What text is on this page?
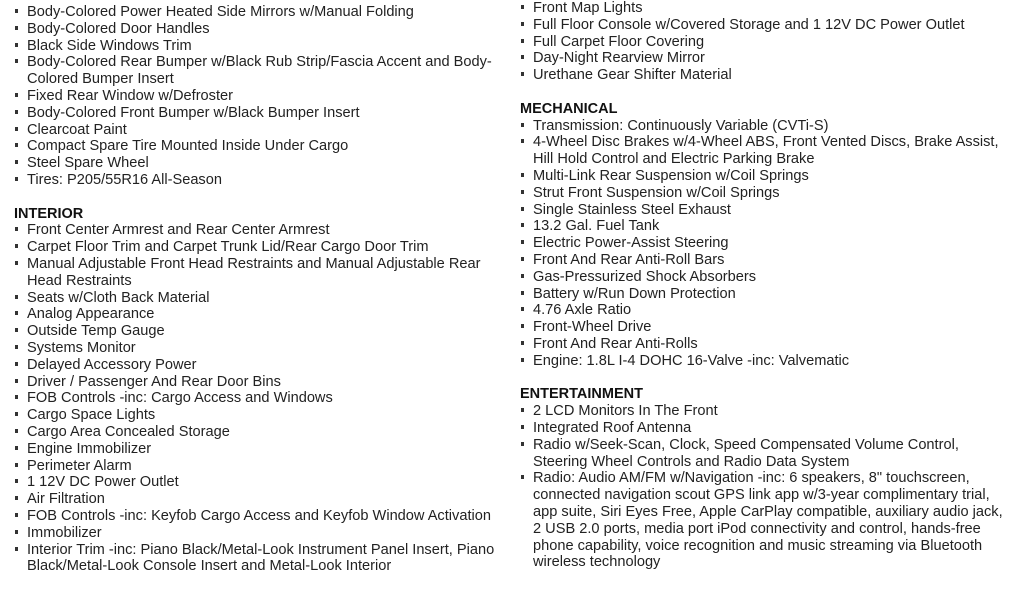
Body-Colored Power Heated Side Mirrors w/Manual Folding
Body-Colored Door Handles
Black Side Windows Trim
Body-Colored Rear Bumper w/Black Rub Strip/Fascia Accent and Body-Colored Bumper Insert
Fixed Rear Window w/Defroster
Body-Colored Front Bumper w/Black Bumper Insert
Clearcoat Paint
Compact Spare Tire Mounted Inside Under Cargo
Steel Spare Wheel
Tires: P205/55R16 All-Season
INTERIOR
Front Center Armrest and Rear Center Armrest
Carpet Floor Trim and Carpet Trunk Lid/Rear Cargo Door Trim
Manual Adjustable Front Head Restraints and Manual Adjustable Rear Head Restraints
Seats w/Cloth Back Material
Analog Appearance
Outside Temp Gauge
Systems Monitor
Delayed Accessory Power
Driver / Passenger And Rear Door Bins
FOB Controls -inc: Cargo Access and Windows
Cargo Space Lights
Cargo Area Concealed Storage
Engine Immobilizer
Perimeter Alarm
1 12V DC Power Outlet
Air Filtration
FOB Controls -inc: Keyfob Cargo Access and Keyfob Window Activation
Immobilizer
Interior Trim -inc: Piano Black/Metal-Look Instrument Panel Insert, Piano Black/Metal-Look Console Insert and Metal-Look Interior
Front Map Lights
Full Floor Console w/Covered Storage and 1 12V DC Power Outlet
Full Carpet Floor Covering
Day-Night Rearview Mirror
Urethane Gear Shifter Material
MECHANICAL
Transmission: Continuously Variable (CVTi-S)
4-Wheel Disc Brakes w/4-Wheel ABS, Front Vented Discs, Brake Assist, Hill Hold Control and Electric Parking Brake
Multi-Link Rear Suspension w/Coil Springs
Strut Front Suspension w/Coil Springs
Single Stainless Steel Exhaust
13.2 Gal. Fuel Tank
Electric Power-Assist Steering
Front And Rear Anti-Roll Bars
Gas-Pressurized Shock Absorbers
Battery w/Run Down Protection
4.76 Axle Ratio
Front-Wheel Drive
Front And Rear Anti-Rolls
Engine: 1.8L I-4 DOHC 16-Valve -inc: Valvematic
ENTERTAINMENT
2 LCD Monitors In The Front
Integrated Roof Antenna
Radio w/Seek-Scan, Clock, Speed Compensated Volume Control, Steering Wheel Controls and Radio Data System
Radio: Audio AM/FM w/Navigation -inc: 6 speakers, 8" touchscreen, connected navigation scout GPS link app w/3-year complimentary trial, app suite, Siri Eyes Free, Apple CarPlay compatible, auxiliary audio jack, 2 USB 2.0 ports, media port iPod connectivity and control, hands-free phone capability, voice recognition and music streaming via Bluetooth wireless technology
